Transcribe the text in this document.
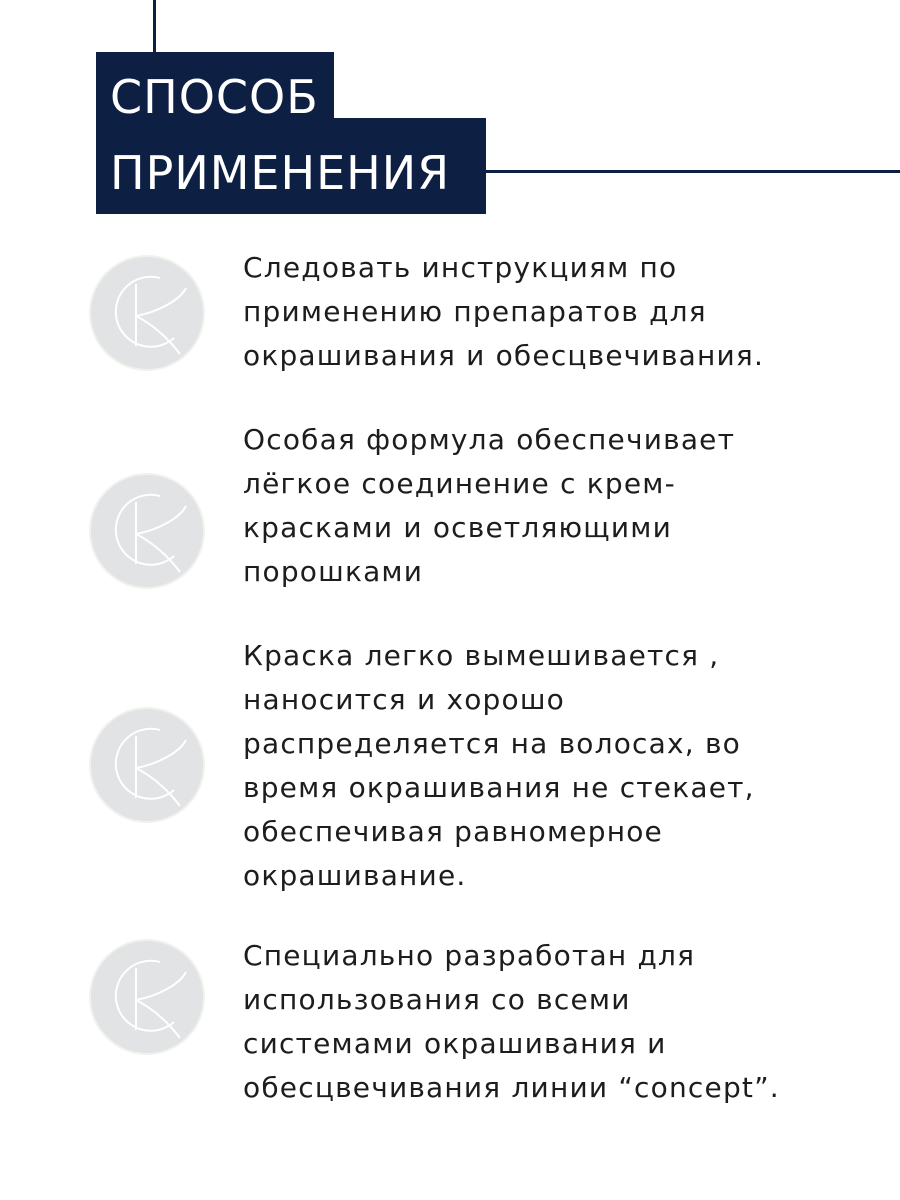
ПРИМЕНЕНИЯ
СПОСОБ

Следовать инструкциям по
применению препаратов для
окрашивания и обесцвечивания.

Особая формула обеспечивает
лёгкое соединение с крем-
красками и осветляющими
порошками

Краска легко вымешивается ,
наносится и хорошо
распределяется на волосах, во
время окрашивания не стекает,
обеспечивая равномерное
окрашивание.

Специально разработан для
использования со всеми
системами окрашивания и
обесцвечивания линии “concept”.
